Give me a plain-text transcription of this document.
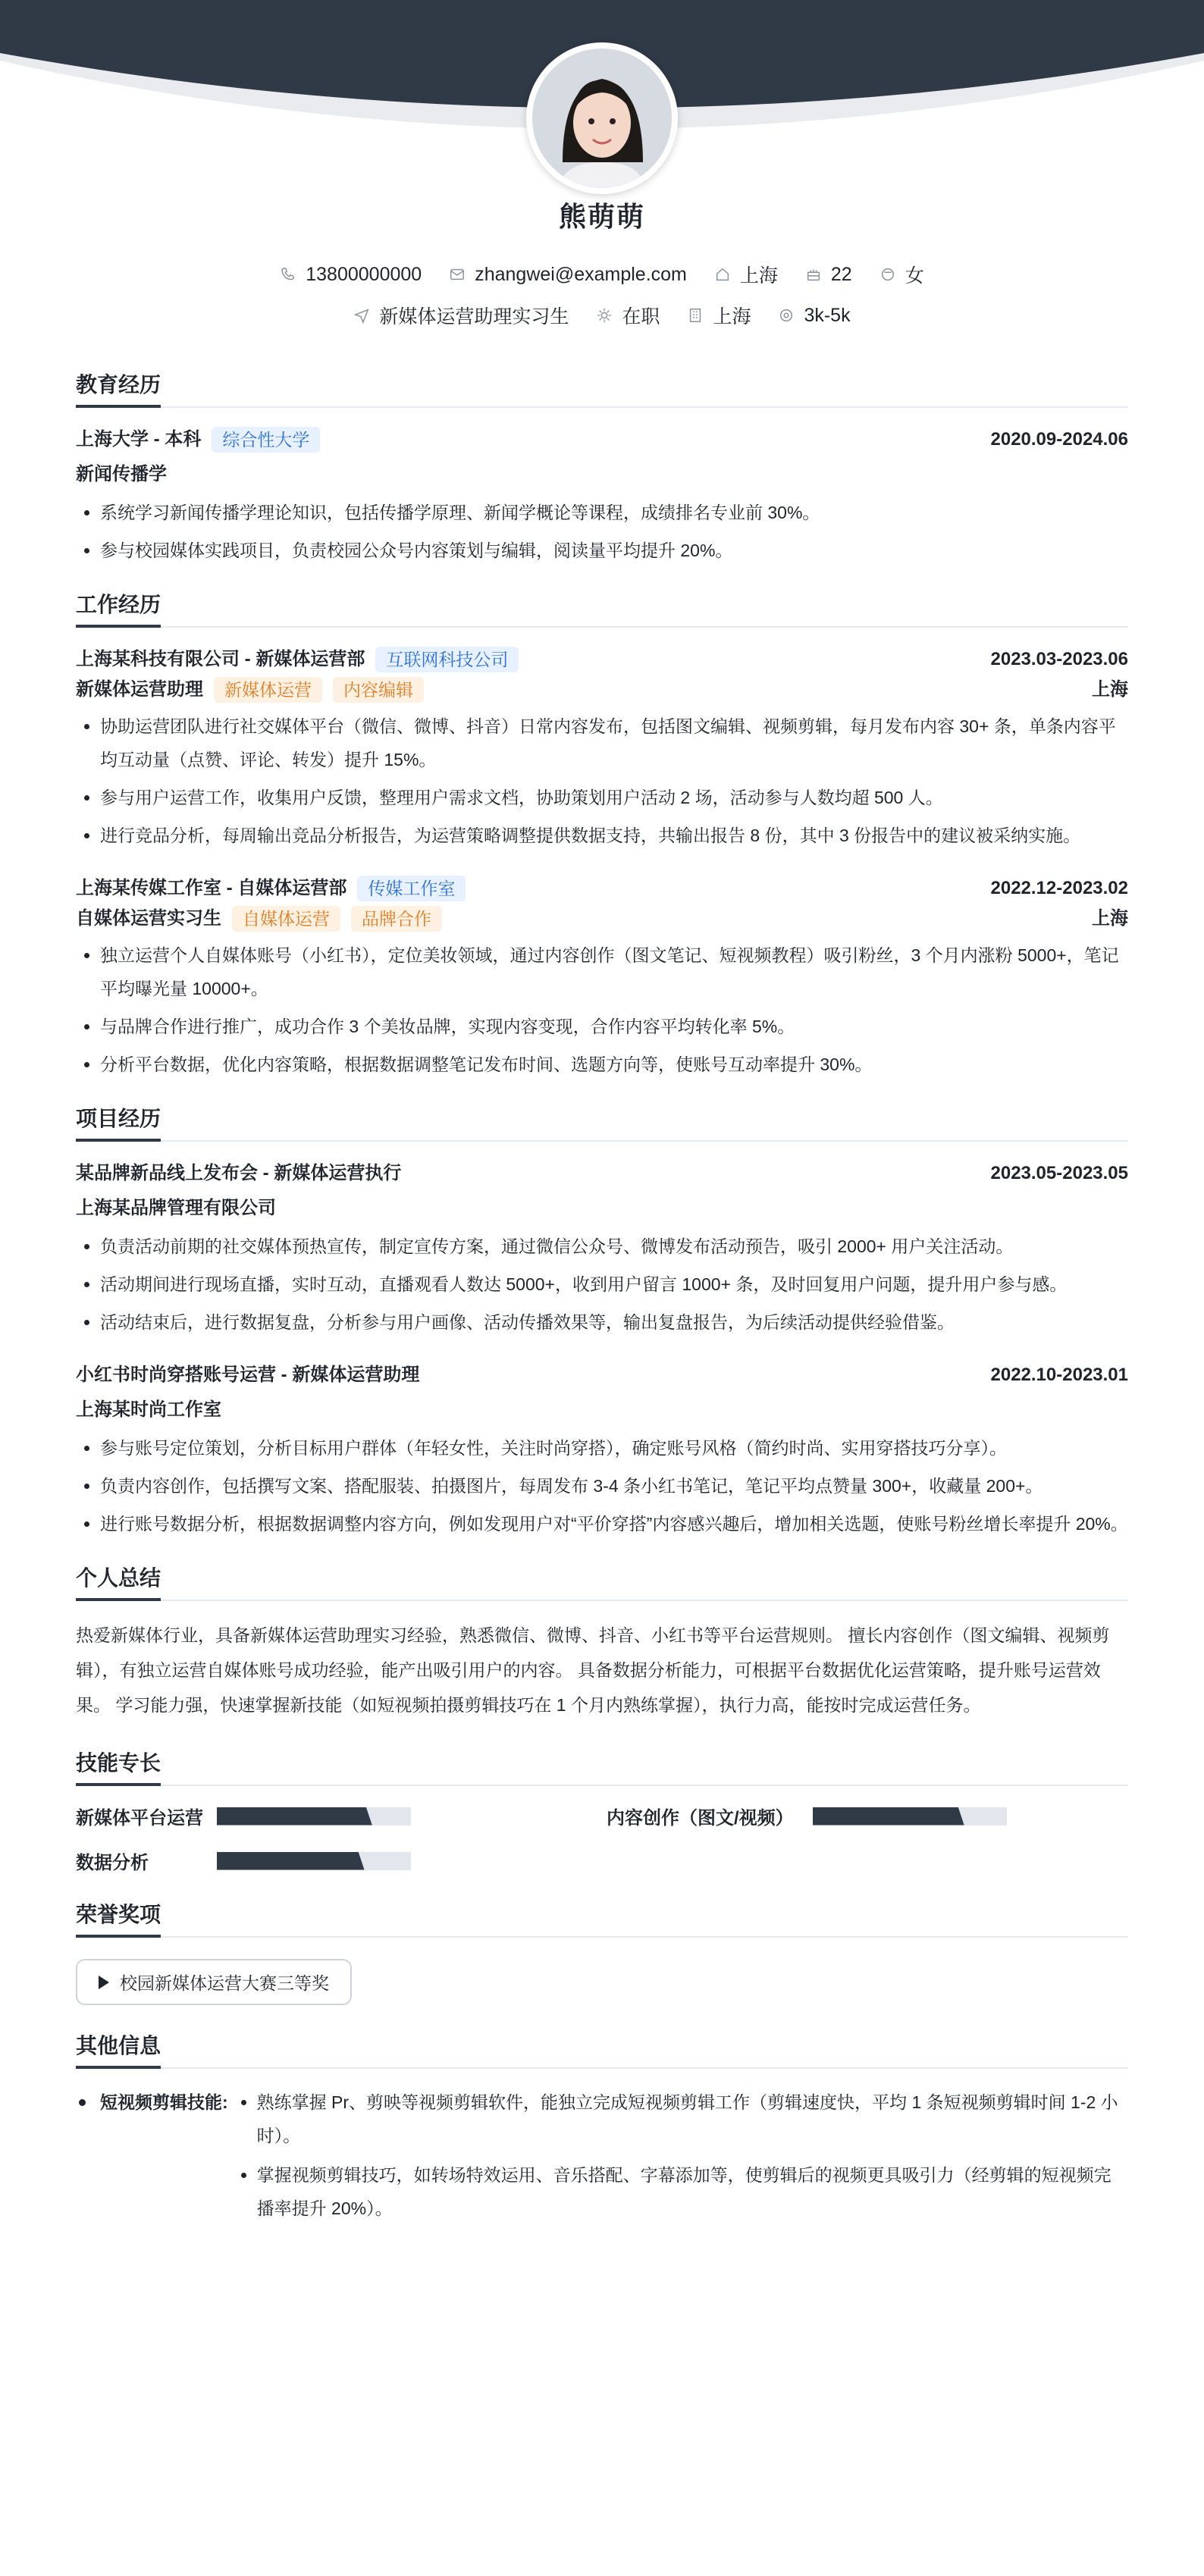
熊萌萌
13800000000	zhangwei@example.com	上海	22	女
新媒体运营助理实习生	在职	上海	3k-5k
教育经历
上海大学 - 本科	综合性大学	2020.09-2024.06
新闻传播学
• 系统学习新闻传播学理论知识，包括传播学原理、新闻学概论等课程，成绩排名专业前 30%。
• 参与校园媒体实践项目，负责校园公众号内容策划与编辑，阅读量平均提升 20%。
工作经历
上海某科技有限公司 - 新媒体运营部	互联网科技公司	2023.03-2023.06
新媒体运营助理	新媒体运营	内容编辑	上海
• 协助运营团队进行社交媒体平台（微信、微博、抖音）日常内容发布，包括图文编辑、视频剪辑，每月发布内容 30+ 条，单条内容平均互动量（点赞、评论、转发）提升 15%。
• 参与用户运营工作，收集用户反馈，整理用户需求文档，协助策划用户活动 2 场，活动参与人数均超 500 人。
• 进行竞品分析，每周输出竞品分析报告，为运营策略调整提供数据支持，共输出报告 8 份，其中 3 份报告中的建议被采纳实施。
上海某传媒工作室 - 自媒体运营部	传媒工作室	2022.12-2023.02
自媒体运营实习生	自媒体运营	品牌合作	上海
• 独立运营个人自媒体账号（小红书），定位美妆领域，通过内容创作（图文笔记、短视频教程）吸引粉丝，3 个月内涨粉 5000+，笔记平均曝光量 10000+。
• 与品牌合作进行推广，成功合作 3 个美妆品牌，实现内容变现，合作内容平均转化率 5%。
• 分析平台数据，优化内容策略，根据数据调整笔记发布时间、选题方向等，使账号互动率提升 30%。
项目经历
某品牌新品线上发布会 - 新媒体运营执行	2023.05-2023.05
上海某品牌管理有限公司
• 负责活动前期的社交媒体预热宣传，制定宣传方案，通过微信公众号、微博发布活动预告，吸引 2000+ 用户关注活动。
• 活动期间进行现场直播，实时互动，直播观看人数达 5000+，收到用户留言 1000+ 条，及时回复用户问题，提升用户参与感。
• 活动结束后，进行数据复盘，分析参与用户画像、活动传播效果等，输出复盘报告，为后续活动提供经验借鉴。
小红书时尚穿搭账号运营 - 新媒体运营助理	2022.10-2023.01
上海某时尚工作室
• 参与账号定位策划，分析目标用户群体（年轻女性，关注时尚穿搭），确定账号风格（简约时尚、实用穿搭技巧分享）。
• 负责内容创作，包括撰写文案、搭配服装、拍摄图片，每周发布 3-4 条小红书笔记，笔记平均点赞量 300+，收藏量 200+。
• 进行账号数据分析，根据数据调整内容方向，例如发现用户对“平价穿搭”内容感兴趣后，增加相关选题，使账号粉丝增长率提升 20%。
个人总结
热爱新媒体行业，具备新媒体运营助理实习经验，熟悉微信、微博、抖音、小红书等平台运营规则。 擅长内容创作（图文编辑、视频剪辑），有独立运营自媒体账号成功经验，能产出吸引用户的内容。 具备数据分析能力，可根据平台数据优化运营策略，提升账号运营效果。 学习能力强，快速掌握新技能（如短视频拍摄剪辑技巧在 1 个月内熟练掌握），执行力高，能按时完成运营任务。
技能专长
新媒体平台运营	内容创作（图文/视频）
数据分析
荣誉奖项
校园新媒体运营大赛三等奖
其他信息
短视频剪辑技能:
• 熟练掌握 Pr、剪映等视频剪辑软件，能独立完成短视频剪辑工作（剪辑速度快，平均 1 条短视频剪辑时间 1-2 小时）。
• 掌握视频剪辑技巧，如转场特效运用、音乐搭配、字幕添加等，使剪辑后的视频更具吸引力（经剪辑的短视频完播率提升 20%）。
